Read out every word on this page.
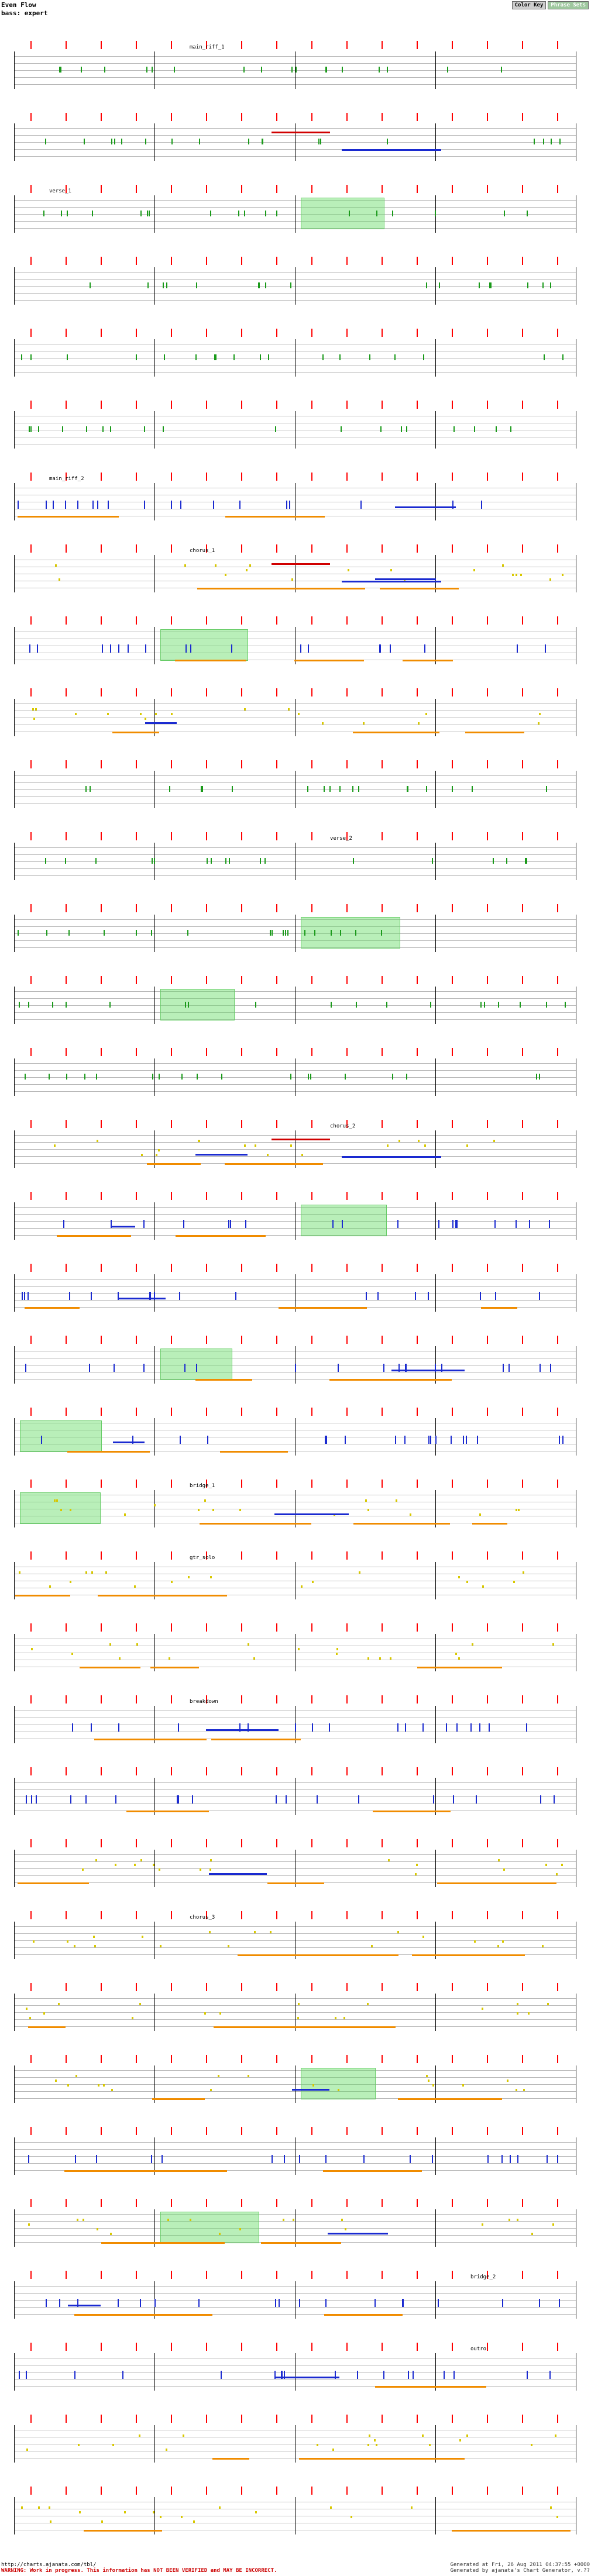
Even Flow
bass: expert
Color Key	Phrase Sets
main_riff_1
verse_1
main_riff_2
chorus_1
verse_2
chorus_2
bridge_1
gtr_solo
breakdown
chorus_3
bridge_2
outro
http://charts.ajanata.com/tbl/
WARNING: Work in progress. This information has NOT BEEN VERIFIED and MAY BE INCORRECT.
Generated at Fri, 26 Aug 2011 04:37:55 +0000
Generated by ajanata's Chart Generator, v.??
